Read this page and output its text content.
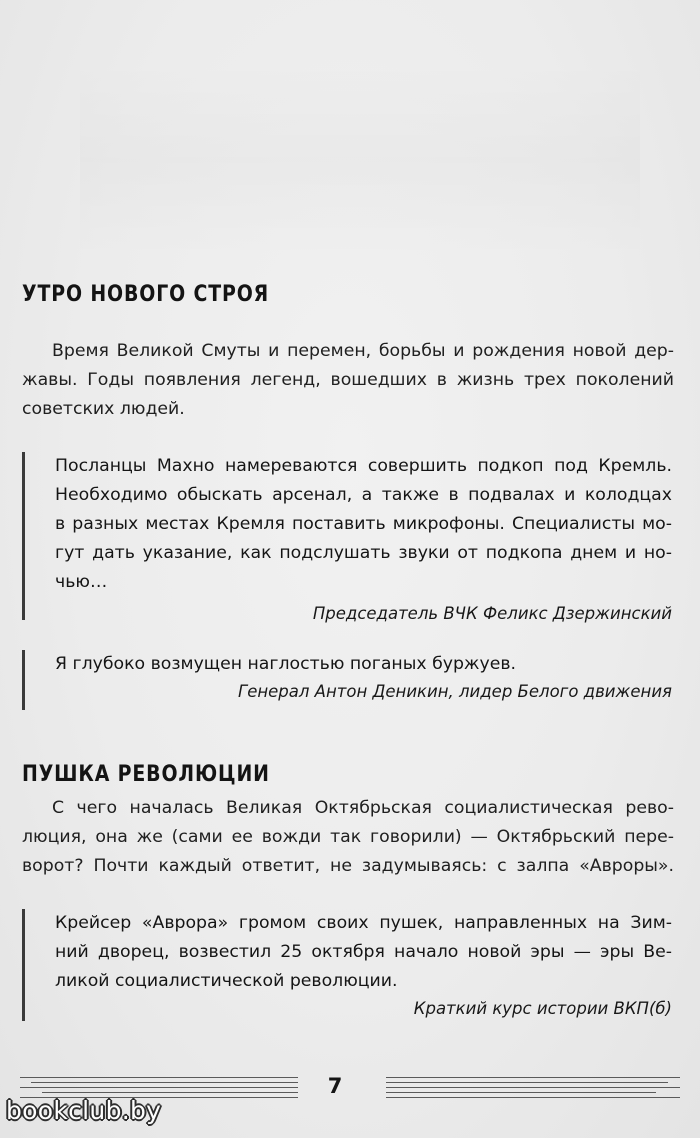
УТРО НОВОГО СТРОЯ
Время Великой Смуты и перемен, борьбы и рождения новой дер-
жавы. Годы появления легенд, вошедших в жизнь трех поколений
советских людей.
Посланцы Махно намереваются совершить подкоп под Кремль.
Необходимо обыскать арсенал, а также в подвалах и колодцах
в разных местах Кремля поставить микрофоны. Специалисты мо-
гут дать указание, как подслушать звуки от подкопа днем и но-
чью…
Председатель ВЧК Феликс Дзержинский
Я глубоко возмущен наглостью поганых буржуев.
Генерал Антон Деникин, лидер Белого движения
ПУШКА РЕВОЛЮЦИИ
С чего началась Великая Октябрьская социалистическая рево-
люция, она же (сами ее вожди так говорили) — Октябрьский пере-
ворот? Почти каждый ответит, не задумываясь: с залпа «Авроры».
Крейсер «Аврора» громом своих пушек, направленных на Зим-
ний дворец, возвестил 25 октября начало новой эры — эры Ве-
ликой социалистической революции.
Краткий курс истории ВКП(б)
7
bookclub.by
